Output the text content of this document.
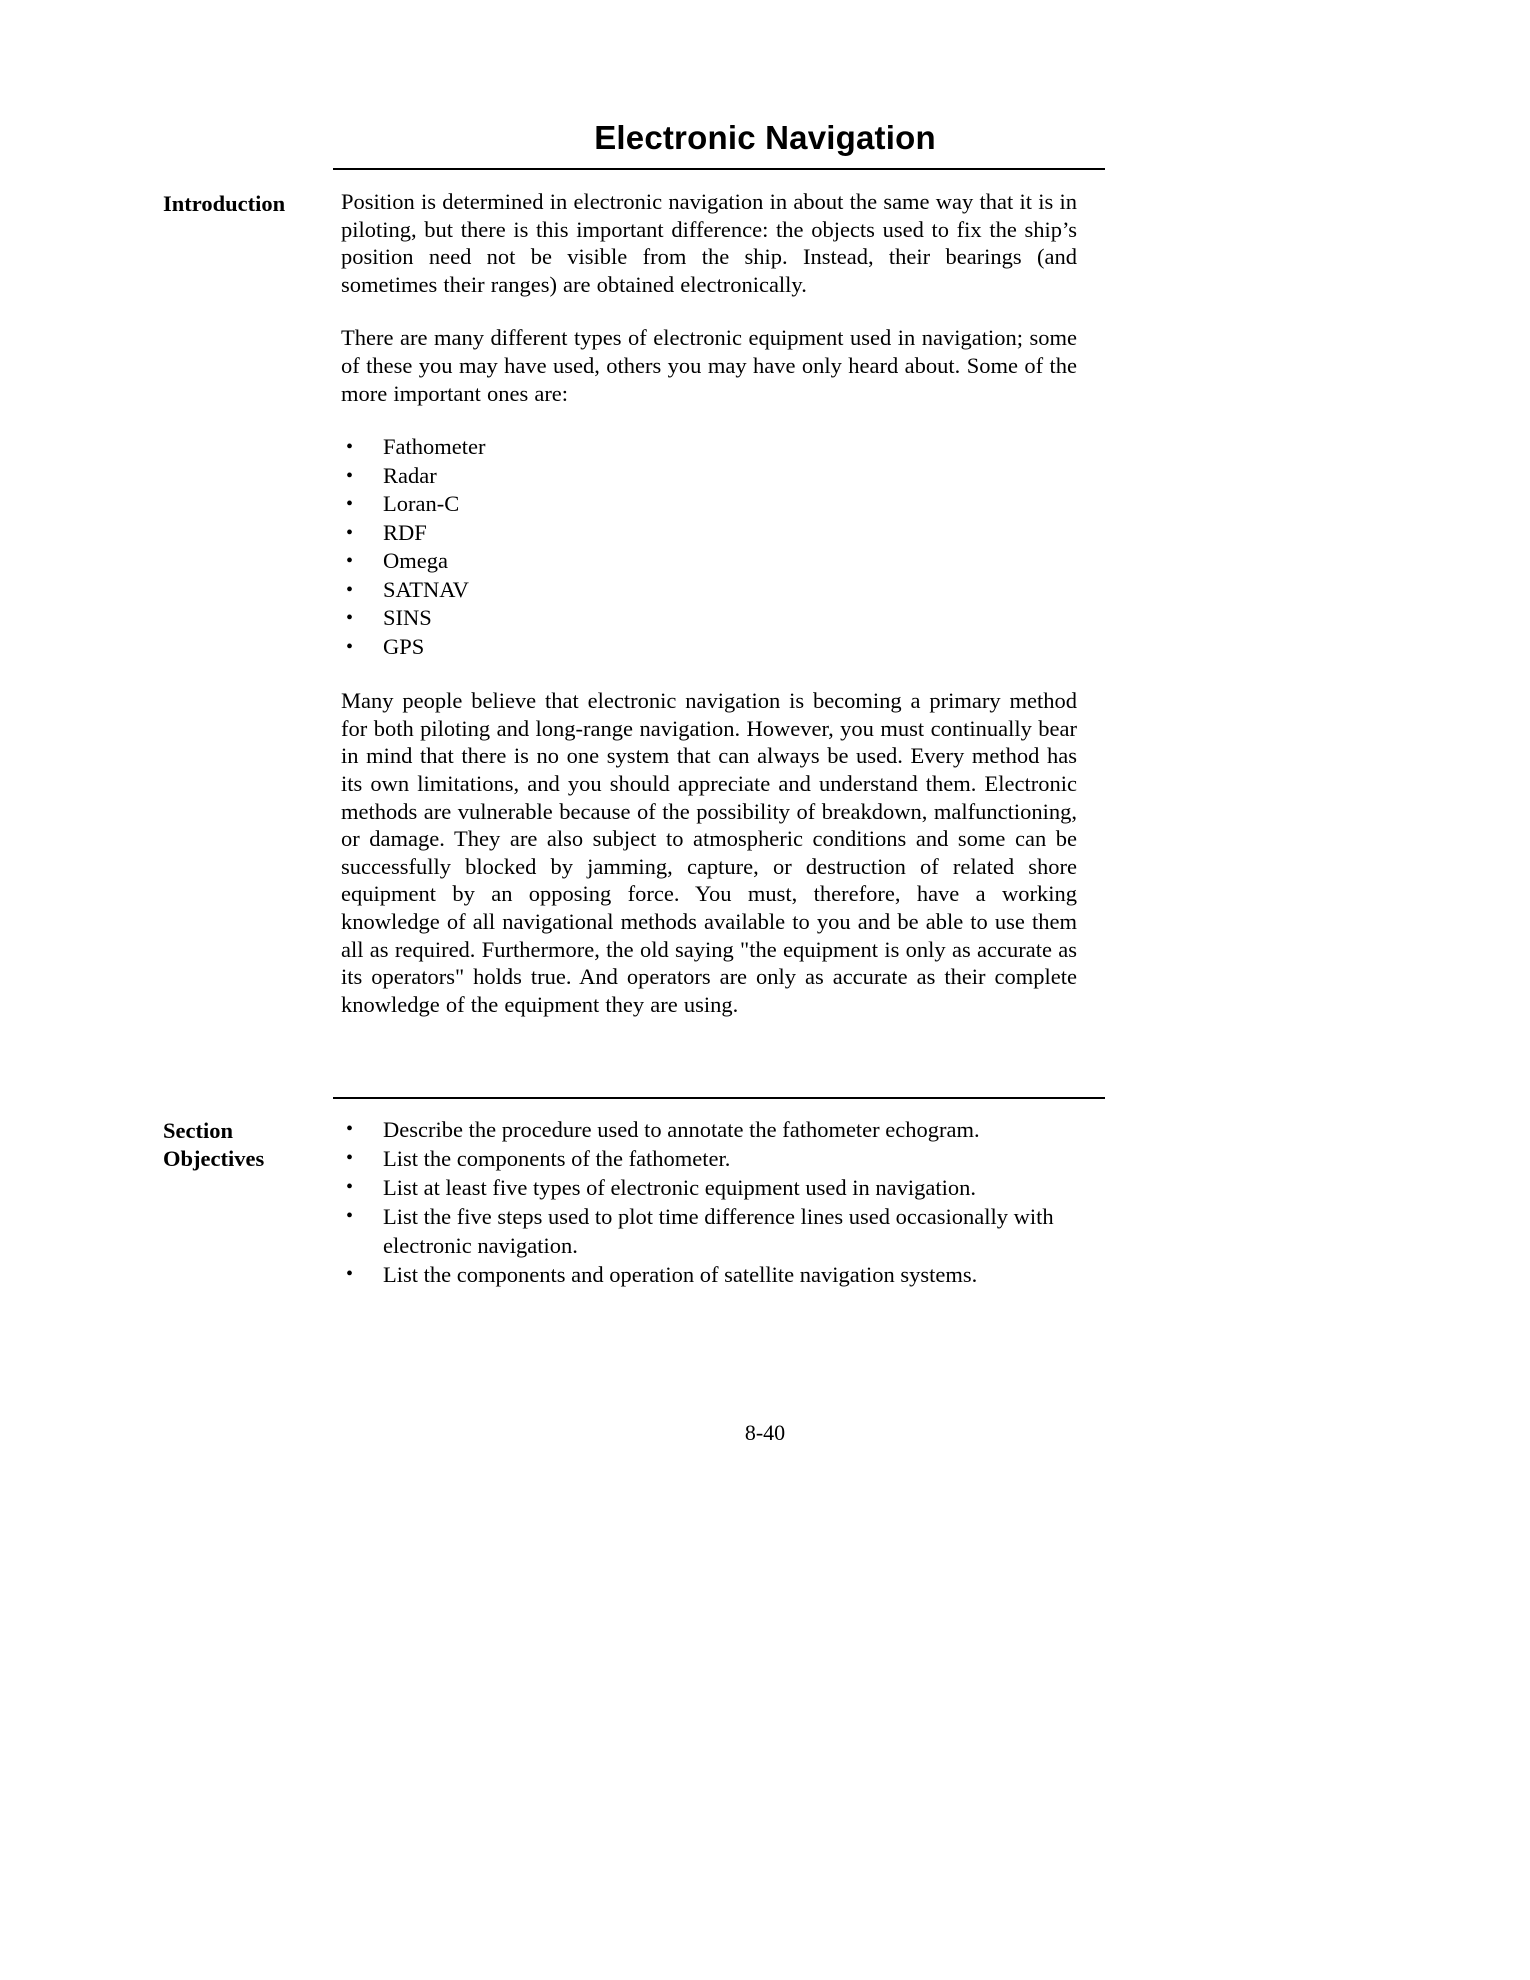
Electronic Navigation
Introduction	Position is determined in electronic navigation in about the same way that it is in piloting, but there is this important difference: the objects used to fix the ship’s position need not be visible from the ship. Instead, their bearings (and sometimes their ranges) are obtained electronically.

There are many different types of electronic equipment used in navigation; some of these you may have used, others you may have only heard about. Some of the more important ones are:

• Fathometer
• Radar
• Loran-C
• RDF
• Omega
• SATNAV
• SINS
• GPS

Many people believe that electronic navigation is becoming a primary method for both piloting and long-range navigation. However, you must continually bear in mind that there is no one system that can always be used. Every method has its own limitations, and you should appreciate and understand them. Electronic methods are vulnerable because of the possibility of breakdown, malfunctioning, or damage. They are also subject to atmospheric conditions and some can be successfully blocked by jamming, capture, or destruction of related shore equipment by an opposing force. You must, therefore, have a working knowledge of all navigational methods available to you and be able to use them all as required. Furthermore, the old saying "the equipment is only as accurate as its operators" holds true. And operators are only as accurate as their complete knowledge of the equipment they are using.

Section
Objectives
• Describe the procedure used to annotate the fathometer echogram.
• List the components of the fathometer.
• List at least five types of electronic equipment used in navigation.
• List the five steps used to plot time difference lines used occasionally with electronic navigation.
• List the components and operation of satellite navigation systems.
8-40
